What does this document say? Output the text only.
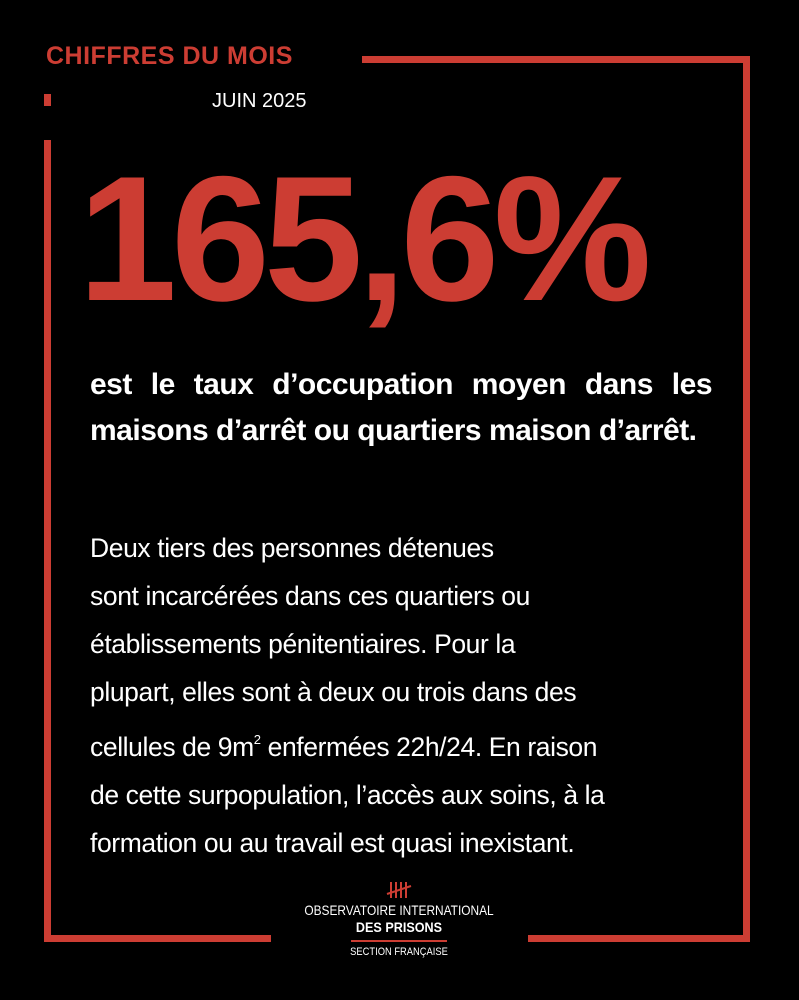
CHIFFRES DU MOIS
JUIN 2025
165,6%
est le taux d’occupation moyen dans les maisons d’arrêt ou quartiers maison d’arrêt.
Deux tiers des personnes détenues
sont incarcérées dans ces quartiers ou
établissements pénitentiaires. Pour la
plupart, elles sont à deux ou trois dans des
cellules de $9m^2$ enfermées 22h/24. En raison
de cette surpopulation, l’accès aux soins, à la
formation ou au travail est quasi inexistant.
OBSERVATOIRE INTERNATIONAL
DES PRISONS
SECTION FRANÇAISE
